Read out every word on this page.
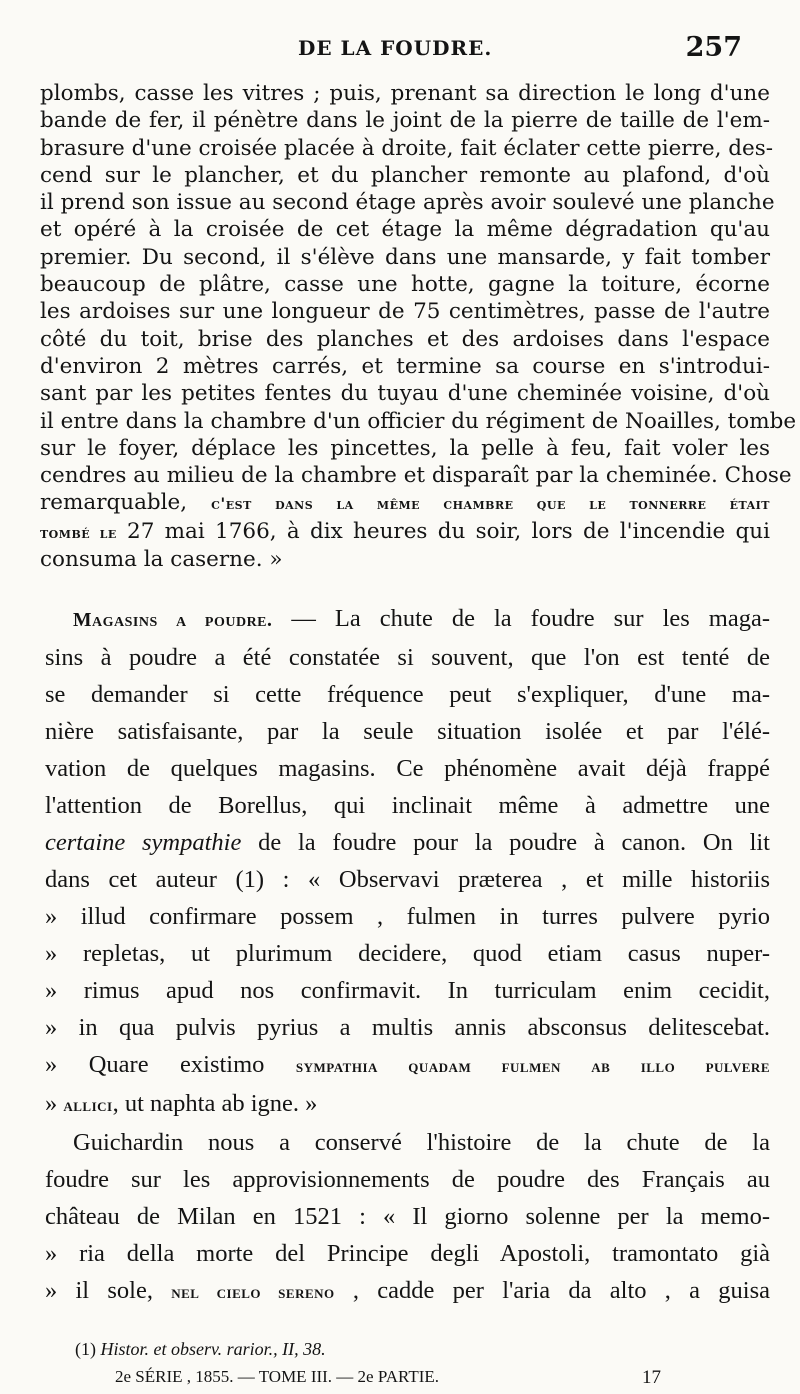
DE LA FOUDRE.	257
plombs, casse les vitres ; puis, prenant sa direction le long d'une
bande de fer, il pénètre dans le joint de la pierre de taille de l'em-
brasure d'une croisée placée à droite, fait éclater cette pierre, des-
cend sur le plancher, et du plancher remonte au plafond, d'où
il prend son issue au second étage après avoir soulevé une planche
et opéré à la croisée de cet étage la même dégradation qu'au
premier. Du second, il s'élève dans une mansarde, y fait tomber
beaucoup de plâtre, casse une hotte, gagne la toiture, écorne
les ardoises sur une longueur de 75 centimètres, passe de l'autre
côté du toit, brise des planches et des ardoises dans l'espace
d'environ 2 mètres carrés, et termine sa course en s'introdui-
sant par les petites fentes du tuyau d'une cheminée voisine, d'où
il entre dans la chambre d'un officier du régiment de Noailles, tombe
sur le foyer, déplace les pincettes, la pelle à feu, fait voler les
cendres au milieu de la chambre et disparaît par la cheminée. Chose
remarquable, c'est dans la même chambre que le tonnerre était
tombé le 27 mai 1766, à dix heures du soir, lors de l'incendie qui
consuma la caserne. »
Magasins a poudre. — La chute de la foudre sur les maga-
sins à poudre a été constatée si souvent, que l'on est tenté de
se demander si cette fréquence peut s'expliquer, d'une ma-
nière satisfaisante, par la seule situation isolée et par l'élé-
vation de quelques magasins. Ce phénomène avait déjà frappé
l'attention de Borellus, qui inclinait même à admettre une
certaine sympathie de la foudre pour la poudre à canon. On lit
dans cet auteur (1) : « Observavi præterea , et mille historiis
» illud confirmare possem , fulmen in turres pulvere pyrio
» repletas, ut plurimum decidere, quod etiam casus nuper-
» rimus apud nos confirmavit. In turriculam enim cecidit,
» in qua pulvis pyrius a multis annis absconsus delitescebat.
» Quare existimo sympathia quadam fulmen ab illo pulvere
» allici, ut naphta ab igne. »
Guichardin nous a conservé l'histoire de la chute de la
foudre sur les approvisionnements de poudre des Français au
château de Milan en 1521 : « Il giorno solenne per la memo-
» ria della morte del Principe degli Apostoli, tramontato già
» il sole, nel cielo sereno , cadde per l'aria da alto , a guisa
(1) Histor. et observ. rarior., II, 38.
2e SÉRIE , 1855. — TOME III. — 2e PARTIE.	17
